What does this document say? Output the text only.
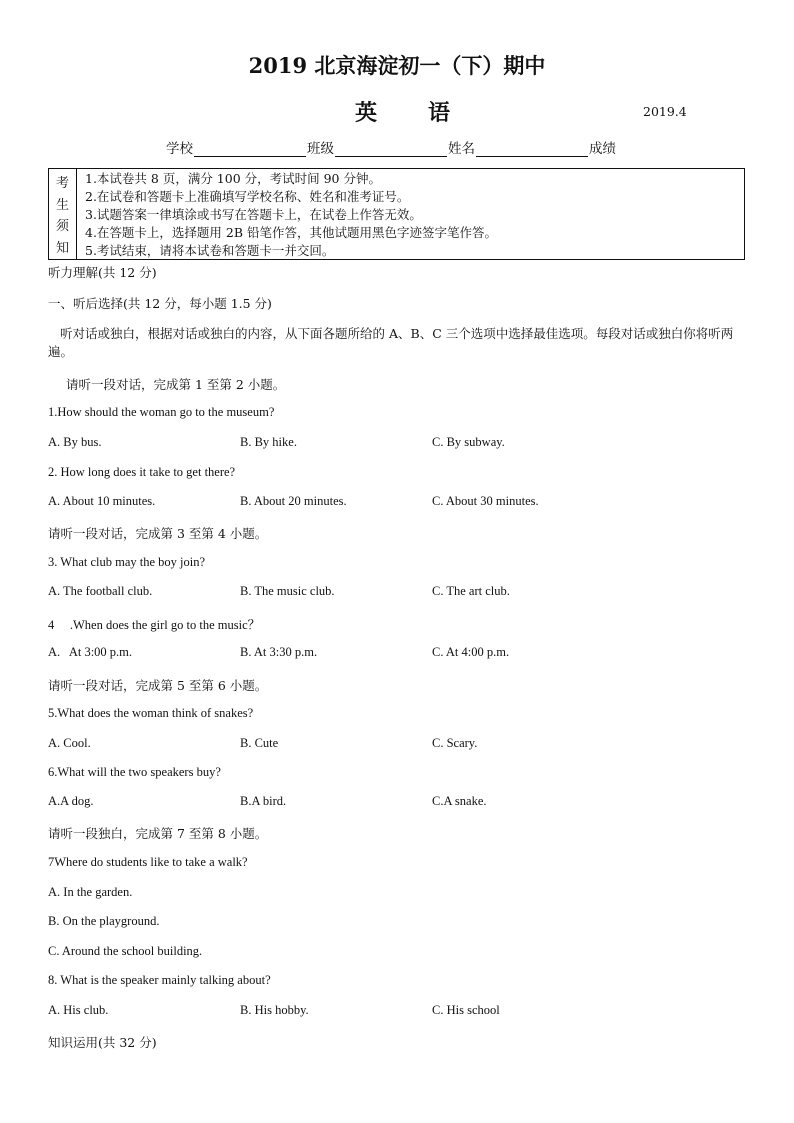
2019 北京海淀初一（下）期中
英 语	2019.4
学校	班级	姓名	成绩
考
生
须
知
1.本试卷共 8 页，满分 100 分，考试时间 90 分钟。
2.在试卷和答题卡上准确填写学校名称、姓名和准考证号。
3.试题答案一律填涂或书写在答题卡上，在试卷上作答无效。
4.在答题卡上，选择题用 2B 铅笔作答，其他试题用黑色字迹签字笔作答。
5.考试结束，请将本试卷和答题卡一并交回。
听力理解(共 12 分)
一、听后选择(共 12 分，每小题 1.5 分)
听对话或独白，根据对话或独白的内容，从下面各题所给的 A、B、C 三个选项中选择最佳选项。每段对话或独白你将听两遍。
请听一段对话，完成第 1 至第 2 小题。
1.How should the woman go to the museum?
A. By bus.	B. By hike.	C. By subway.
2. How long does it take to get there?
A. About 10 minutes.	B. About 20 minutes.	C. About 30 minutes.
请听一段对话，完成第 3 至第 4 小题。
3. What club may the boy join?
A. The football club.	B. The music club.	C. The art club.
4     .When does the girl go to the music？
A.   At 3:00 p.m.	B. At 3:30 p.m.	C. At 4:00 p.m.
请听一段对话，完成第 5 至第 6 小题。
5.What does the woman think of snakes?
A. Cool.	B. Cute	C. Scary.
6.What will the two speakers buy?
A.A dog.	B.A bird.	C.A snake.
请听一段独白，完成第 7 至第 8 小题。
7Where do students like to take a walk?
A. In the garden.
B. On the playground.
C. Around the school building.
8. What is the speaker mainly talking about?
A. His club.	B. His hobby.	C. His school
知识运用(共 32 分)
